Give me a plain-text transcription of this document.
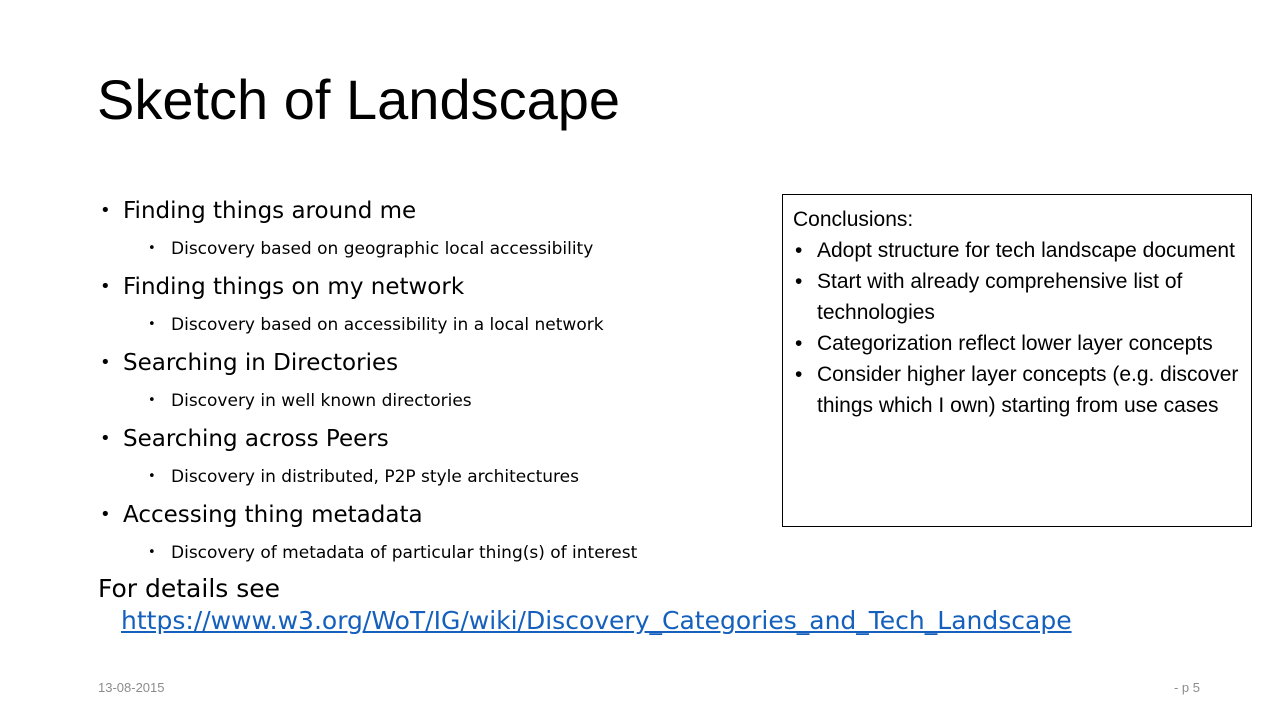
Sketch of Landscape
• Finding things around me
• Discovery based on geographic local accessibility
• Finding things on my network
• Discovery based on accessibility in a local network
• Searching in Directories
• Discovery in well known directories
• Searching across Peers
• Discovery in distributed, P2P style architectures
• Accessing thing metadata
• Discovery of metadata of particular thing(s) of interest
For details see
https://www.w3.org/WoT/IG/wiki/Discovery_Categories_and_Tech_Landscape
Conclusions:
• Adopt structure for tech landscape document
• Start with already comprehensive list of technologies
• Categorization reflect lower layer concepts
• Consider higher layer concepts (e.g. discover things which I own) starting from use cases
13-08-2015	- p 5
